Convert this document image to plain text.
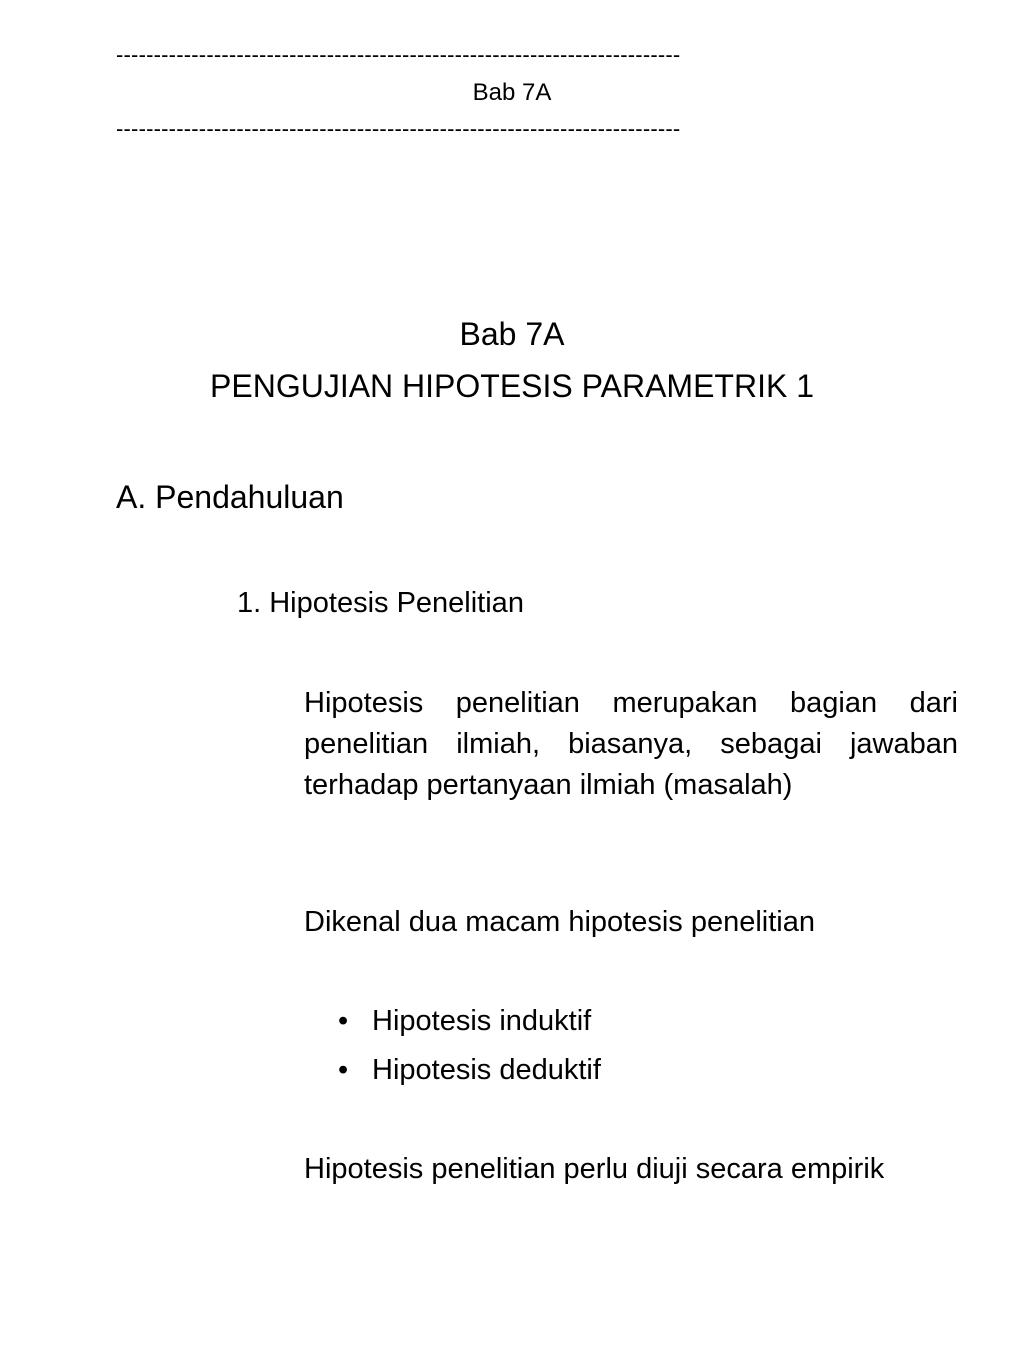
---------------------------------------------------------------------------
Bab 7A
---------------------------------------------------------------------------
Bab 7A
PENGUJIAN HIPOTESIS PARAMETRIK 1
A. Pendahuluan
1. Hipotesis Penelitian
Hipotesis penelitian merupakan bagian dari penelitian ilmiah, biasanya, sebagai jawaban terhadap pertanyaan ilmiah (masalah)
Dikenal dua macam hipotesis penelitian
• Hipotesis induktif
• Hipotesis deduktif
Hipotesis penelitian perlu diuji secara empirik
